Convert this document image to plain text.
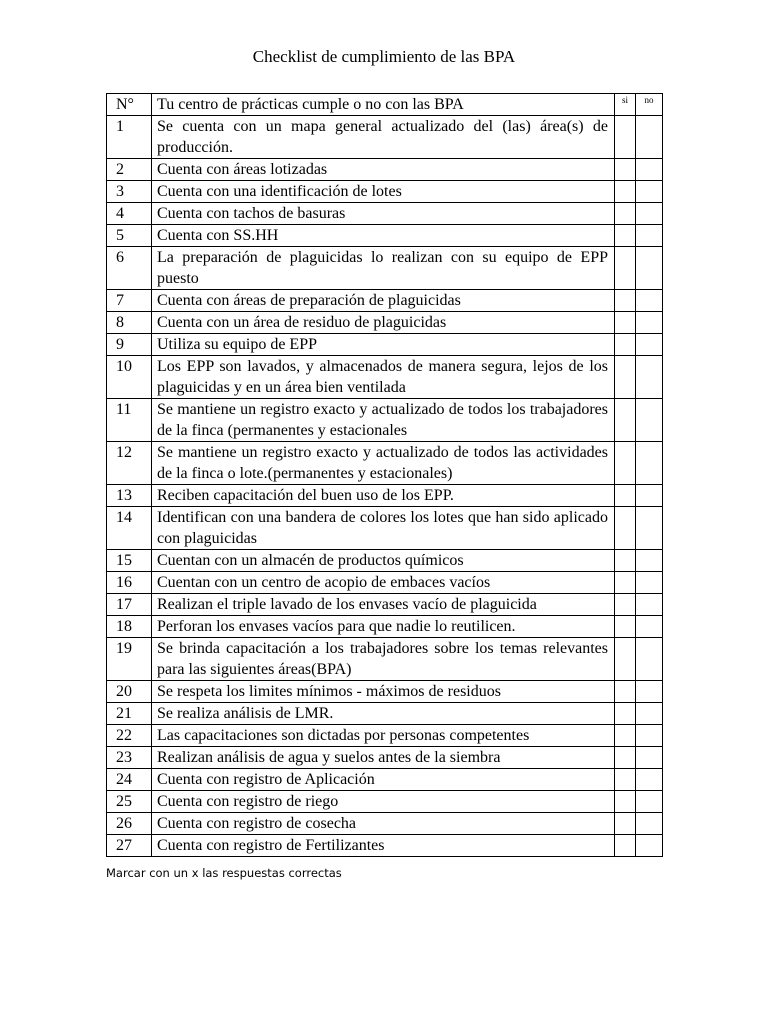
Checklist de cumplimiento de las BPA
N°	Tu centro de prácticas cumple o no con las BPA	si	no
1	Se cuenta con un mapa general actualizado del (las) área(s) de producción.		
2	Cuenta con áreas lotizadas		
3	Cuenta con una identificación de lotes		
4	Cuenta con tachos de basuras		
5	Cuenta con SS.HH		
6	La preparación de plaguicidas lo realizan con su equipo de EPP puesto		
7	Cuenta con áreas de preparación de plaguicidas		
8	Cuenta con un área de residuo de plaguicidas		
9	Utiliza su equipo de EPP		
10	Los EPP son lavados, y almacenados de manera segura, lejos de los plaguicidas y en un área bien ventilada		
11	Se mantiene un registro exacto y actualizado de todos los trabajadores de la finca (permanentes y estacionales		
12	Se mantiene un registro exacto y actualizado de todos las actividades de la finca o lote.(permanentes y estacionales)		
13	Reciben capacitación del buen uso de los EPP.		
14	Identifican con una bandera de colores los lotes que han sido aplicado con plaguicidas		
15	Cuentan con un almacén de productos químicos		
16	Cuentan con un centro de acopio de embaces vacíos		
17	Realizan el triple lavado de los envases vacío de plaguicida		
18	Perforan los envases vacíos para que nadie lo reutilicen.		
19	Se brinda capacitación a los trabajadores sobre los temas relevantes para las siguientes áreas(BPA)		
20	Se respeta los limites mínimos - máximos de residuos		
21	Se realiza análisis de LMR.		
22	Las capacitaciones son dictadas por personas competentes		
23	Realizan análisis de agua y suelos antes de la siembra		
24	Cuenta con registro de Aplicación		
25	Cuenta con registro de riego		
26	Cuenta con registro de cosecha		
27	Cuenta con registro de Fertilizantes		
Marcar con un x las respuestas correctas
